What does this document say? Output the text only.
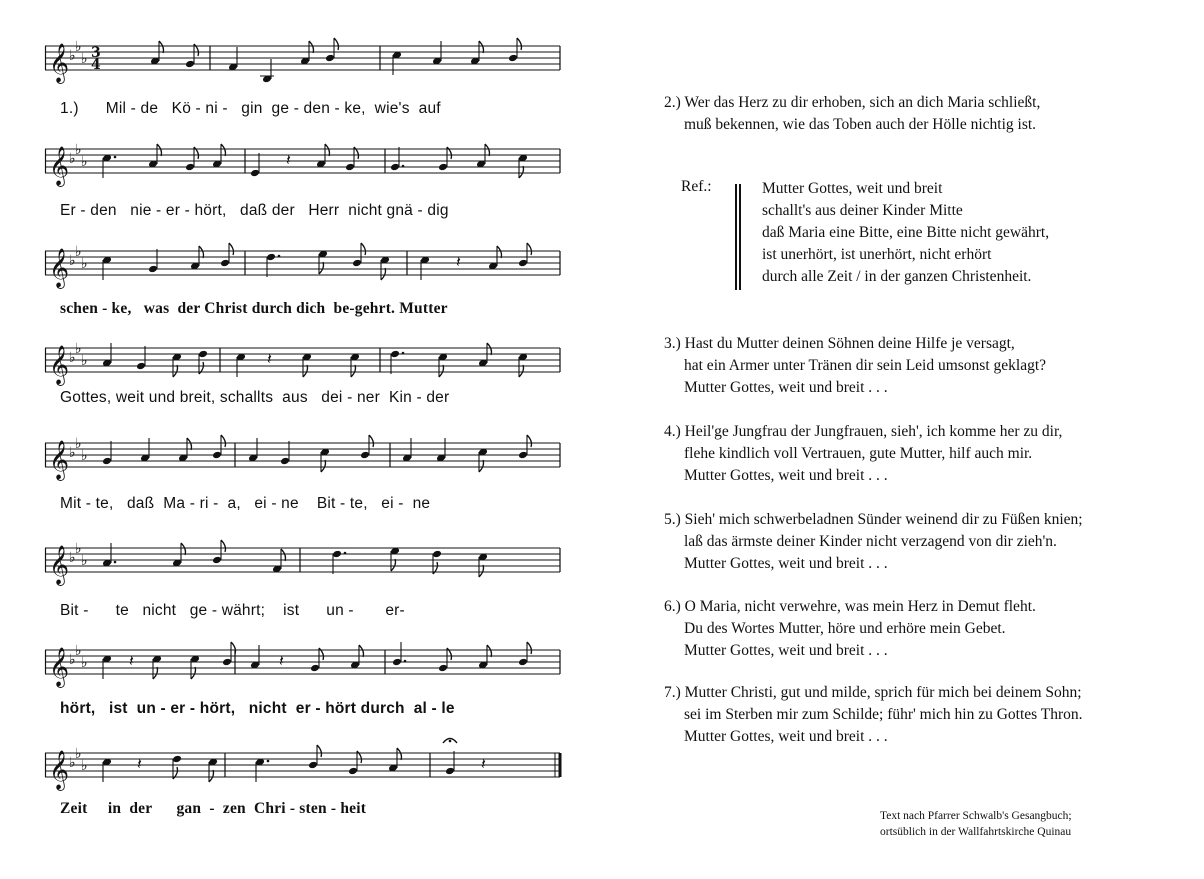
𝄞 ♭
♭
♭ 3
4
1.)      Mil - de   Kö - ni -   gin  ge - den - ke,  wie's  auf
𝄞 ♭
♭
♭	𝄽
Er - den   nie - er - hört,   daß der   Herr  nicht gnä - dig
𝄞 ♭
♭
♭	𝄽
schen - ke,   was  der Christ durch dich  be-gehrt. Mutter
𝄞 ♭
♭
♭	𝄽
Gottes, weit und breit, schallts  aus   dei - ner  Kin - der
𝄞 ♭
♭
♭
Mit - te,   daß  Ma - ri -  a,   ei - ne    Bit - te,   ei -  ne
𝄞 ♭
♭
♭
Bit -      te   nicht   ge - währt;    ist      un -       er-
𝄞 ♭
♭
♭	𝄽	𝄽
hört,   ist  un - er - hört,   nicht  er - hört durch  al - le
𝄞 ♭
♭
♭	𝄽	𝄽
Zeit     in  der      gan  -  zen  Chri - sten - heit
2.) Wer das Herz zu dir erhoben, sich an dich Maria schließt,
muß bekennen, wie das Toben auch der Hölle nichtig ist.
Ref.:	Mutter Gottes, weit und breit
schallt's aus deiner Kinder Mitte
daß Maria eine Bitte, eine Bitte nicht gewährt,
ist unerhört, ist unerhört, nicht erhört
durch alle Zeit / in der ganzen Christenheit.
3.) Hast du Mutter deinen Söhnen deine Hilfe je versagt,
hat ein Armer unter Tränen dir sein Leid umsonst geklagt?
Mutter Gottes, weit und breit . . .
4.) Heil'ge Jungfrau der Jungfrauen, sieh', ich komme her zu dir,
flehe kindlich voll Vertrauen, gute Mutter, hilf auch mir.
Mutter Gottes, weit und breit . . .
5.) Sieh' mich schwerbeladnen Sünder weinend dir zu Füßen knien;
laß das ärmste deiner Kinder nicht verzagend von dir zieh'n.
Mutter Gottes, weit und breit . . .
6.) O Maria, nicht verwehre, was mein Herz in Demut fleht.
Du des Wortes Mutter, höre und erhöre mein Gebet.
Mutter Gottes, weit und breit . . .
7.) Mutter Christi, gut und milde, sprich für mich bei deinem Sohn;
sei im Sterben mir zum Schilde; führ' mich hin zu Gottes Thron.
Mutter Gottes, weit und breit . . .
Text nach Pfarrer Schwalb's Gesangbuch;
ortsüblich in der Wallfahrtskirche Quinau
